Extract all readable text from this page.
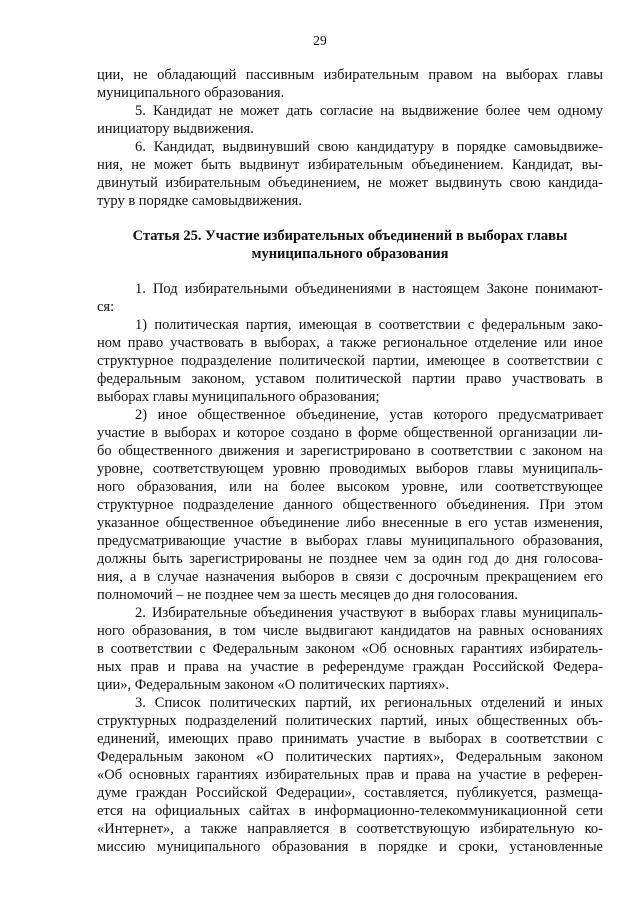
29
ции, не обладающий пассивным избирательным правом на выборах главы
муниципального образования.
5. Кандидат не может дать согласие на выдвижение более чем одному
инициатору выдвижения.
6. Кандидат, выдвинувший свою кандидатуру в порядке самовыдвиже-
ния, не может быть выдвинут избирательным объединением. Кандидат, вы-
двинутый избирательным объединением, не может выдвинуть свою кандида-
туру в порядке самовыдвижения.
Статья 25. Участие избирательных объединений в выборах главы
муниципального образования
1. Под избирательными объединениями в настоящем Законе понимают-
ся:
1) политическая партия, имеющая в соответствии с федеральным зако-
ном право участвовать в выборах, а также региональное отделение или иное
структурное подразделение политической партии, имеющее в соответствии с
федеральным законом, уставом политической партии право участвовать в
выборах главы муниципального образования;
2) иное общественное объединение, устав которого предусматривает
участие в выборах и которое создано в форме общественной организации ли-
бо общественного движения и зарегистрировано в соответствии с законом на
уровне, соответствующем уровню проводимых выборов главы муниципаль-
ного образования, или на более высоком уровне, или соответствующее
структурное подразделение данного общественного объединения. При этом
указанное общественное объединение либо внесенные в его устав изменения,
предусматривающие участие в выборах главы муниципального образования,
должны быть зарегистрированы не позднее чем за один год до дня голосова-
ния, а в случае назначения выборов в связи с досрочным прекращением его
полномочий – не позднее чем за шесть месяцев до дня голосования.
2. Избирательные объединения участвуют в выборах главы муниципаль-
ного образования, в том числе выдвигают кандидатов на равных основаниях
в соответствии с Федеральным законом «Об основных гарантиях избиратель-
ных прав и права на участие в референдуме граждан Российской Федера-
ции», Федеральным законом «О политических партиях».
3. Список политических партий, их региональных отделений и иных
структурных подразделений политических партий, иных общественных объ-
единений, имеющих право принимать участие в выборах в соответствии с
Федеральным законом «О политических партиях», Федеральным законом
«Об основных гарантиях избирательных прав и права на участие в референ-
думе граждан Российской Федерации», составляется, публикуется, размеща-
ется на официальных сайтах в информационно-телекоммуникационной сети
«Интернет», а также направляется в соответствующую избирательную ко-
миссию муниципального образования в порядке и сроки, установленные
